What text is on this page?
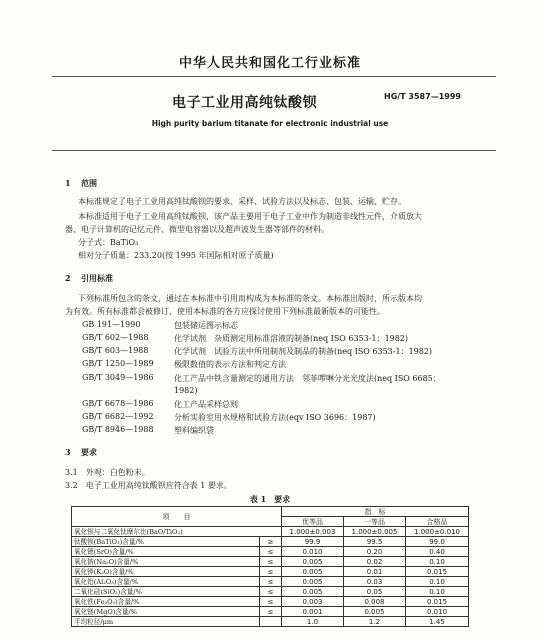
中华人民共和国化工行业标准
电子工业用高纯钛酸钡	HG/T 3587—1999
High purity barium titanate for electronic industrial use
1 范围
本标准规定了电子工业用高纯钛酸钡的要求、采样、试验方法以及标志、包装、运输、贮存。
本标准适用于电子工业用高纯钛酸钡，该产品主要用于电子工业中作为制造非线性元件，介质放大
器、电子计算机的记忆元件、微型电容器以及超声波发生器等部件的材料。
分子式：BaTiO₃
相对分子质量：233.20(按 1995 年国际相对原子质量)
2 引用标准
下列标准所包含的条文，通过在本标准中引用而构成为本标准的条文。本标准出版时，所示版本均
为有效。所有标准都会被修订，使用本标准的各方应探讨使用下列标准最新版本的可能性。
GB 191—1990	包装储运图示标志
GB/T 602—1988	化学试剂　杂质测定用标准溶液的制备(neq ISO 6353-1：1982)
GB/T 603—1988	化学试剂　试验方法中所用制剂及制品的制备(neq ISO 6353-1：1982)
GB/T 1250—1989	极限数值的表示方法和判定方法
GB/T 3049—1986	化工产品中铁含量测定的通用方法　邻菲啰啉分光光度法(neq ISO 6685：
1982)
GB/T 6678—1986	化工产品采样总则
GB/T 6682—1992	分析实验室用水规格和试验方法(eqv ISO 3696：1987)
GB/T 8946—1988	塑料编织袋
3 要求
3.1　外观：白色粉末。
3.2　电子工业用高纯钛酸钡应符合表 1 要求。
表 1　要求
项　　目		指　标		
		优等品	一等品	合格品
氧化钡与二氧化钛摩尔比(BaO/TiO₂)		1.000±0.003	1.000±0.005	1.000±0.010
钛酸钡(BaTiO₃)含量/%	≥	99.9	99.5	99.0
氧化锶(SrO)含量/%	≤	0.010	0.20	0.40
氧化钠(Na₂O)含量/%	≤	0.005	0.02	0.10
氧化钾(K₂O)含量/%	≤	0.005	0.01	0.015
氧化铝(Al₂O₃)含量/%	≤	0.005	0.03	0.10
二氧化硅(SiO₂)含量/%	≤	0.005	0.05	0.10
氧化铁(Fe₂O₃)含量/%	≤	0.003	0.008	0.015
氧化镁(MgO)含量/%	≤	0.001	0.005	0.010
平均粒径/μm		1.0	1.2	1.45
